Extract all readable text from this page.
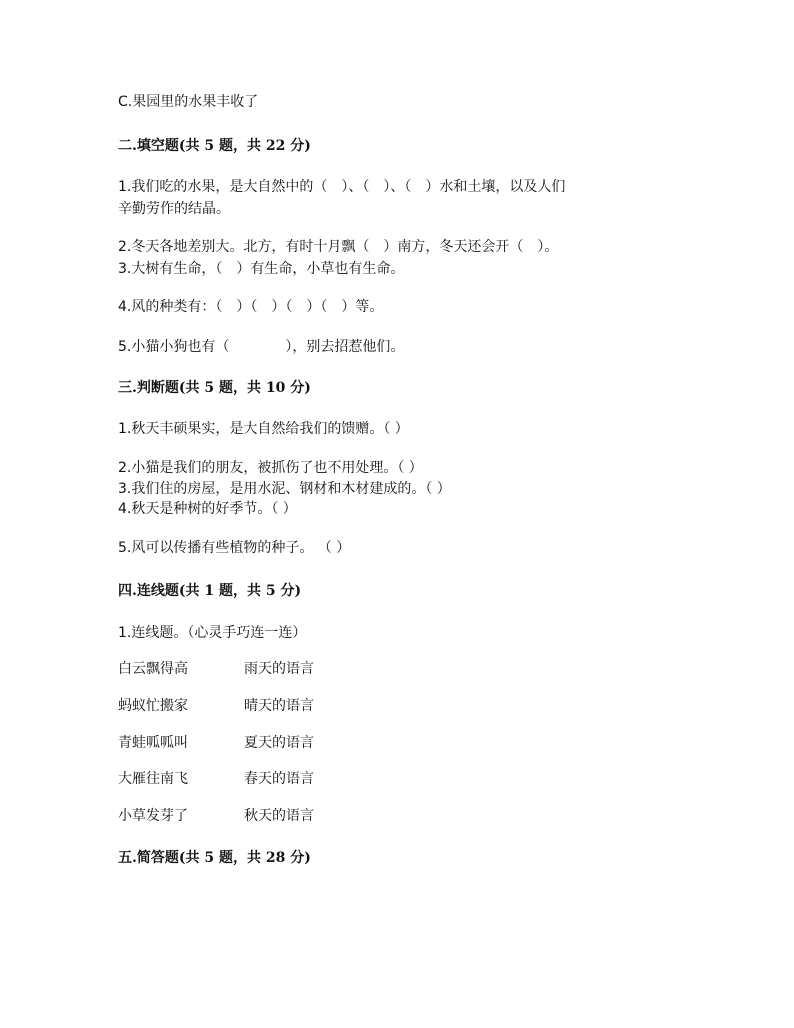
C.果园里的水果丰收了
二.填空题(共 5 题，共 22 分)
1.我们吃的水果，是大自然中的（　）、（　）、（　）水和土壤，以及人们
辛勤劳作的结晶。
2.冬天各地差别大。北方，有时十月飘（　）南方，冬天还会开（　）。
3.大树有生命，（　）有生命，小草也有生命。
4.风的种类有：（　）（　）（　）（　）等。
5.小猫小狗也有（　　　　），别去招惹他们。
三.判断题(共 5 题，共 10 分)
1.秋天丰硕果实，是大自然给我们的馈赠。（ ）
2.小猫是我们的朋友，被抓伤了也不用处理。（ ）
3.我们住的房屋，是用水泥、钢材和木材建成的。（ ）
4.秋天是种树的好季节。（ ）
5.风可以传播有些植物的种子。 （ ）
四.连线题(共 1 题，共 5 分)
1.连线题。（心灵手巧连一连）
白云飘得高	雨天的语言
蚂蚁忙搬家	晴天的语言
青蛙呱呱叫	夏天的语言
大雁往南飞	春天的语言
小草发芽了	秋天的语言
五.简答题(共 5 题，共 28 分)
